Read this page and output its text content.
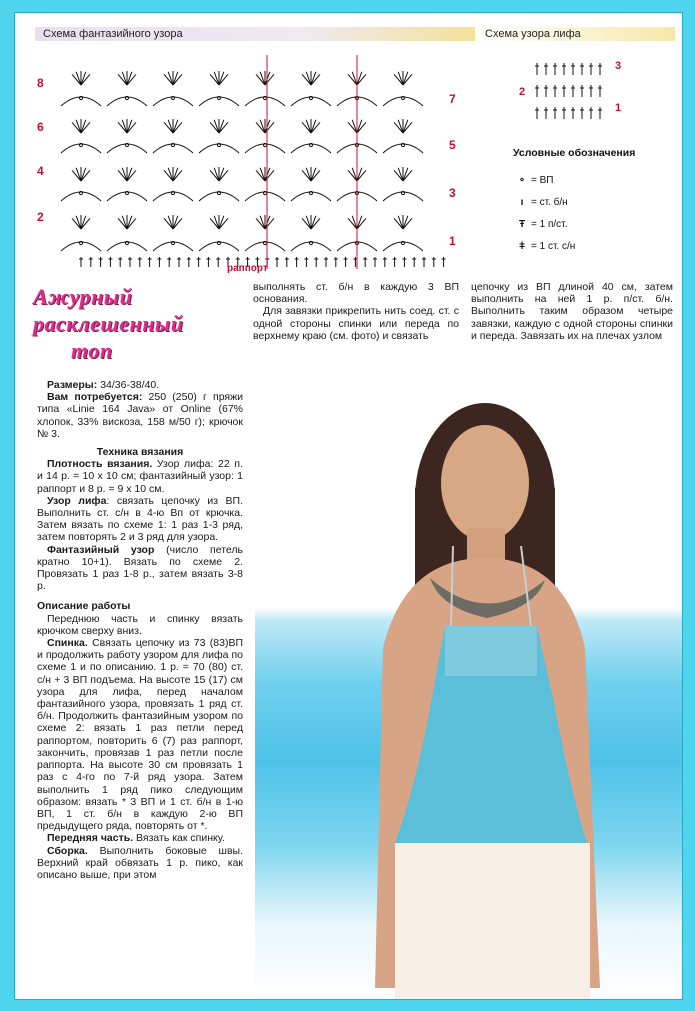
Схема фантазийного узора	Схема узора лифа
8
6
4
2
7
5
3
1
раппорт
2
3
1
Условные обозначения
∘ = ВП
ı = ст. б/н
Ŧ = 1 п/ст.
ǂ = 1 ст. с/н
Ажурный
расклешенный
топ

Размеры: 34/36-38/40.

Вам потребуется: 250 (250) г пряжи типа «Linie 164 Java» от Online (67% хлопок, 33% вискоза, 158 м/50 г); крючок № 3.

Техника вязания

Плотность вязания. Узор лифа: 22 п. и 14 р. = 10 х 10 см; фантазийный узор: 1 раппорт и 8 р. = 9 х 10 см.

Узор лифа: связать цепочку из ВП. Выполнить ст. с/н в 4-ю Вп от крючка. Затем вязать по схеме 1: 1 раз 1-3 ряд, затем повторять 2 и 3 ряд для узора.

Фантазийный узор (число петель кратно 10+1). Вязать по схеме 2. Провязать 1 раз 1-8 р., затем вязать 3-8 р.

Описание работы

Переднюю часть и спинку вязать крючком сверху вниз.

Спинка. Связать цепочку из 73 (83)ВП и продолжить работу узором для лифа по схеме 1 и по описанию. 1 р. = 70 (80) ст. с/н + 3 ВП подъема. На высоте 15 (17) см узора для лифа, перед началом фантазийного узора, провязать 1 ряд ст. б/н. Продолжить фантазийным узором по схеме 2: вязать 1 раз петли перед раппортом, повторить 6 (7) раз раппорт, закончить, провязав 1 раз петли после раппорта. На высоте 30 см провязать 1 раз с 4-го по 7-й ряд узора. Затем выполнить 1 ряд пико следующим образом: вязать * 3 ВП и 1 ст. б/н в 1-ю ВП, 1 ст. б/н в каждую 2-ю ВП предыдущего ряда, повторять от *.

Передняя часть. Вязать как спинку.

Сборка. Выполнить боковые швы. Верхний край обвязать 1 р. пико, как описано выше, при этом

выполнять ст. б/н в каждую 3 ВП основания.

Для завязки прикрепить нить соед. ст. с одной стороны спинки или переда по верхнему краю (см. фото) и связать

цепочку из ВП длиной 40 см, затем выполнить на ней 1 р. п/ст. б/н. Выполнить таким образом четыре завязки, каждую с одной стороны спинки и переда. Завязать их на плечах узлом
